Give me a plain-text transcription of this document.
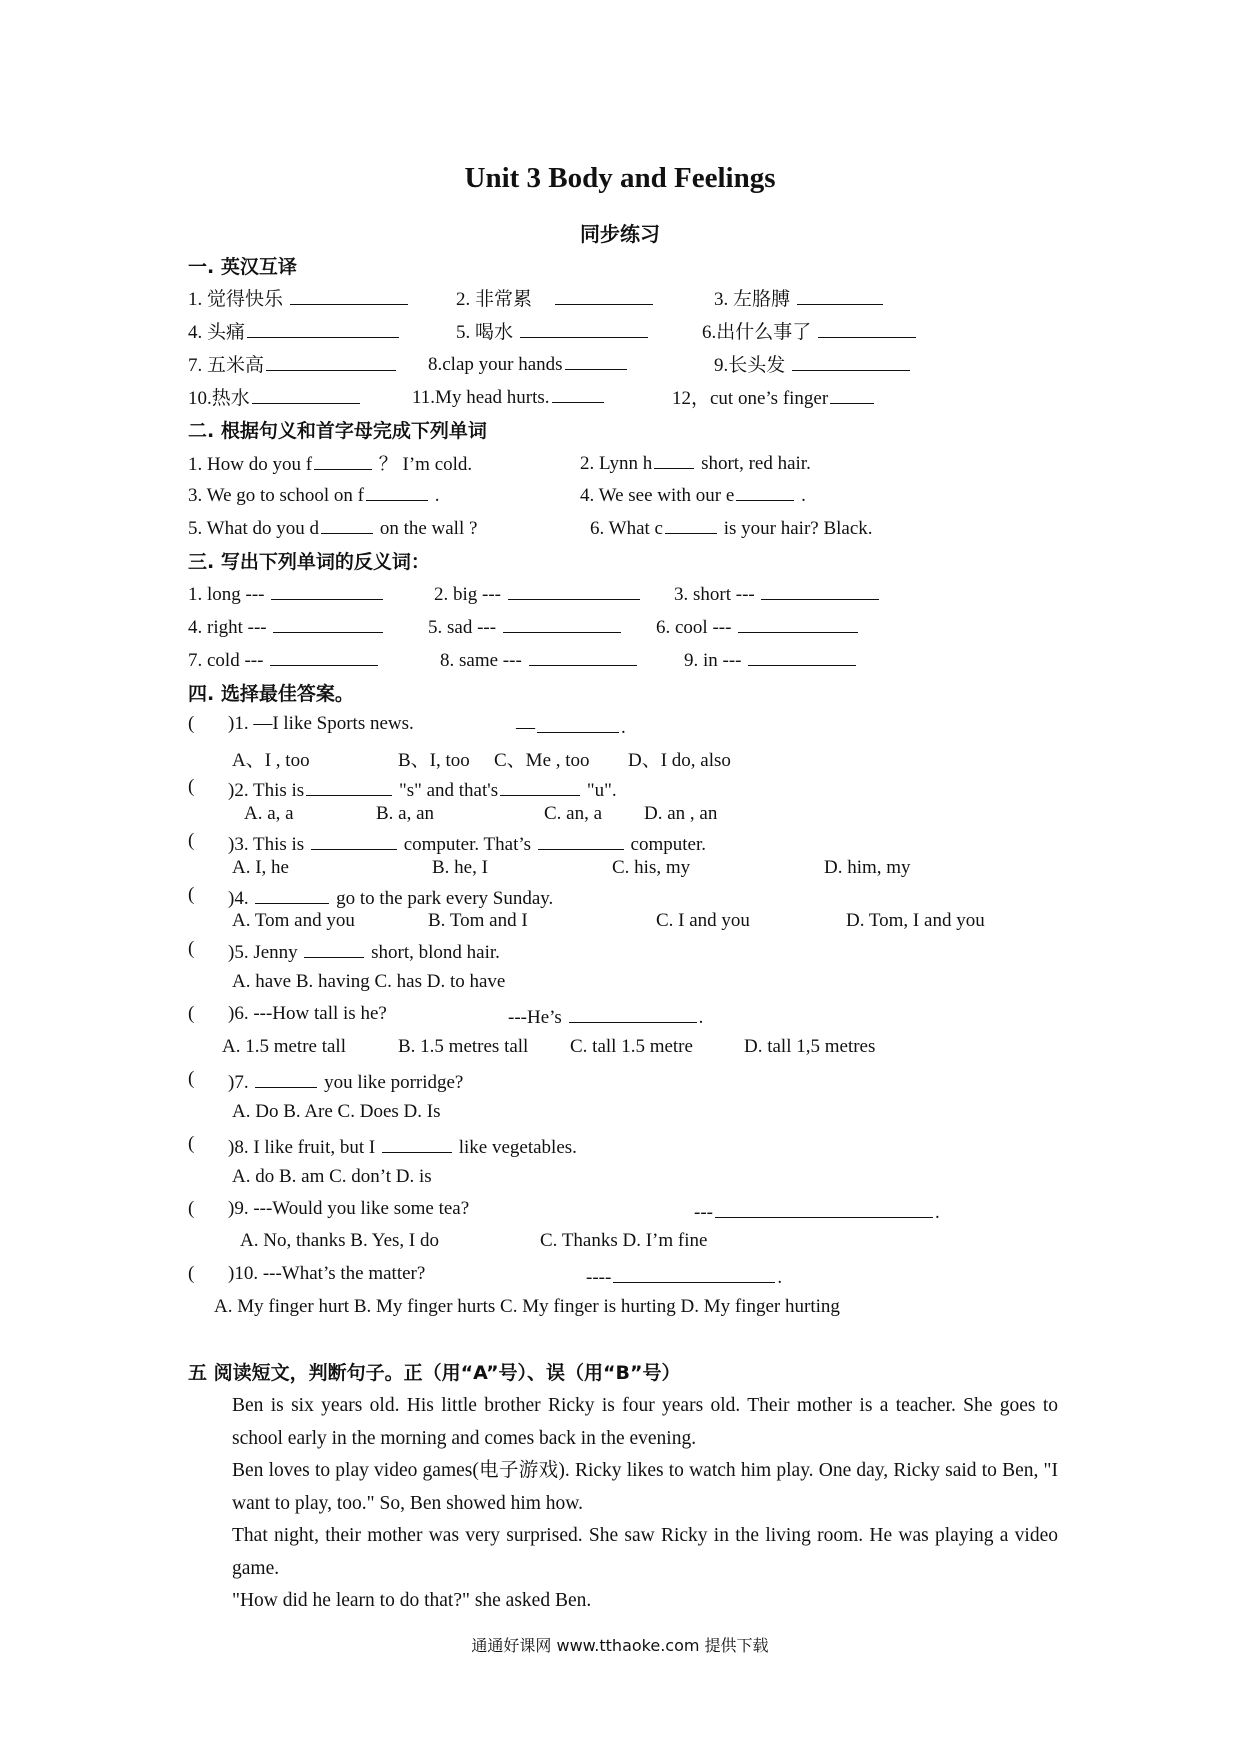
Unit 3 Body and Feelings
同步练习
一. 英汉互译
1. 觉得快乐	2. 非常累	3. 左胳膊
4. 头痛	5. 喝水	6.出什么事了
7. 五米高	8.clap your hands	9.长头发
10.热水	11.My head hurts.	12，cut one’s finger
二. 根据句义和首字母完成下列单词
1. How do you f	？ I’m cold.	2. Lynn h	short, red hair.
3. We go to school on f	.	4. We see with our e	.
5. What do you d	on the wall ?	6. What c	is your hair? Black.
三. 写出下列单词的反义词：
1. long ---	2. big ---	3. short ---
4. right ---	5. sad ---	6. cool ---
7. cold ---	8. same ---	9. in ---
四. 选择最佳答案。
( )1. —I like Sports news.	—	.
A、I , too	B、I, too C、Me , too D、I do, also
( )2. This is	"s" and that's	"u".
A. a, a	B. a, an	C. an, a D. an , an
( )3. This is	computer. That’s	computer.
A. I, he	B. he, I	C. his, my	D. him, my
( )4.	go to the park every Sunday.
A. Tom and you	B. Tom and I	C. I and you	D. Tom, I and you
( )5. Jenny	short, blond hair.
A. have B. having C. has D. to have
( )6. ---How tall is he?	---He’s	.
A. 1.5 metre tall	B. 1.5 metres tall C. tall 1.5 metre	D. tall 1,5 metres
( )7.	you like porridge?
A. Do B. Are C. Does D. Is
( )8. I like fruit, but I	like vegetables.
A. do B. am C. don’t D. is
( )9. ---Would you like some tea?	---	.
A. No, thanks B. Yes, I do	C. Thanks D. I’m fine
( )10. ---What’s the matter?	----	.
A. My finger hurt B. My finger hurts C. My finger is hurting D. My finger hurting
五 阅读短文，判断句子。正（用“A”号）、误（用“B”号）
Ben is six years old. His little brother Ricky is four years old. Their mother is a teacher. She goes to school early in the morning and comes back in the evening.
Ben loves to play video games(电子游戏). Ricky likes to watch him play. One day, Ricky said to Ben, "I want to play, too." So, Ben showed him how.
That night, their mother was very surprised. She saw Ricky in the living room. He was playing a video game.
"How did he learn to do that?" she asked Ben.
通通好课网 www.tthaoke.com 提供下载
